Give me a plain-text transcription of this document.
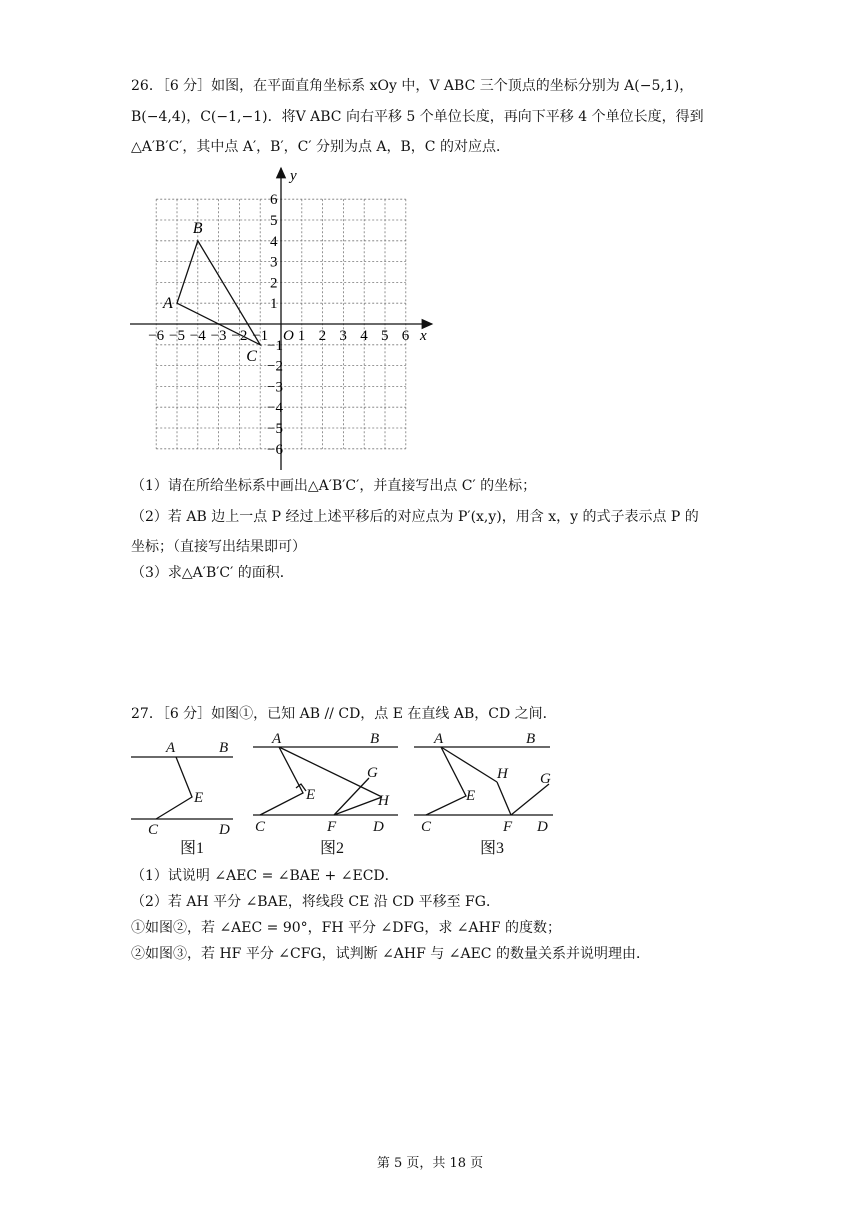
26．［6 分］如图，在平面直角坐标系 xOy 中，V ABC 三个顶点的坐标分别为 A(−5,1)，
B(−4,4)，C(−1,−1)．将V ABC 向右平移 5 个单位长度，再向下平移 4 个单位长度，得到
△A′B′C′，其中点 A′，B′，C′ 分别为点 A，B，C 的对应点．
y
x
O
−6 −5 −4 −3 −2 −1 1 2 3 4 5 6
6
5
4
3
2
1
−1
−2
−3
−4
−5
−6
A
B
C
（1）请在所给坐标系中画出△A′B′C′，并直接写出点 C′ 的坐标；
（2）若 AB 边上一点 P 经过上述平移后的对应点为 P′(x,y)，用含 x，y 的式子表示点 P 的
坐标；（直接写出结果即可）
（3）求△A′B′C′ 的面积．
27．［6 分］如图①，已知 AB // CD，点 E 在直线 AB，CD 之间．
A	B
E
C	D
A	B
E
G
H
C	F D
A	B
E
H G
C	F D
图1	图2	图3
（1）试说明 ∠AEC = ∠BAE + ∠ECD．
（2）若 AH 平分 ∠BAE，将线段 CE 沿 CD 平移至 FG．
①如图②，若 ∠AEC = 90°，FH 平分 ∠DFG，求 ∠AHF 的度数；
②如图③，若 HF 平分 ∠CFG，试判断 ∠AHF 与 ∠AEC 的数量关系并说明理由．
第 5 页，共 18 页
